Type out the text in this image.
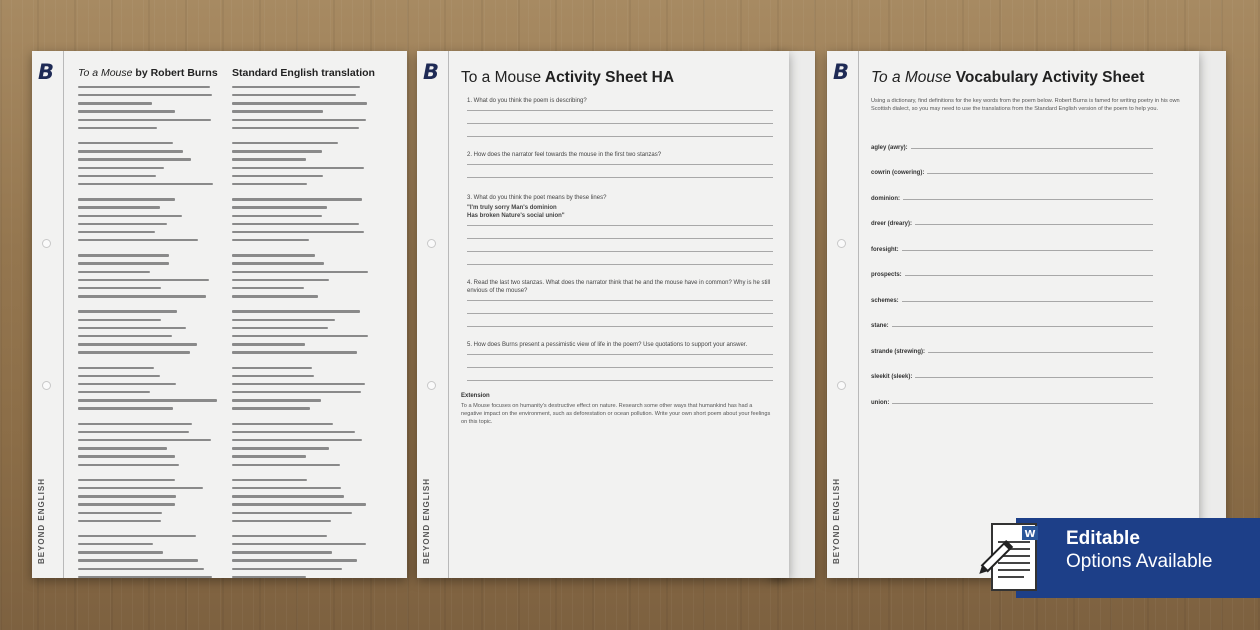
B
BEYOND ENGLISH
To a Mouse by Robert Burns	Standard English translation	B
BEYOND ENGLISH
To a Mouse Activity Sheet HA
1. What do you think the poem is describing?
2. How does the narrator feel towards the mouse in the first two stanzas?
3. What do you think the poet means by these lines?
"I'm truly sorry Man's dominion
Has broken Nature's social union"
4. Read the last two stanzas. What does the narrator think that he and the mouse have in common? Why is he still envious of the mouse?
5. How does Burns present a pessimistic view of life in the poem? Use quotations to support your answer.
Extension
To a Mouse focuses on humanity's destructive effect on nature. Research some other ways that humankind has had a negative impact on the environment, such as deforestation or ocean pollution. Write your own short poem about your feelings on this topic.
B
BEYOND ENGLISH
To a Mouse Vocabulary Activity Sheet
Using a dictionary, find definitions for the key words from the poem below. Robert Burns is famed for writing poetry in his own Scottish dialect, so you may need to use the translations from the Standard English version of the poem to help you.
agley (awry):
cowrin (cowering):
dominion:
dreer (dreary):
foresight:
prospects:
schemes:
stane:
strande (strewing):
sleekit (sleek):
union:
Editable
Options Available
W
